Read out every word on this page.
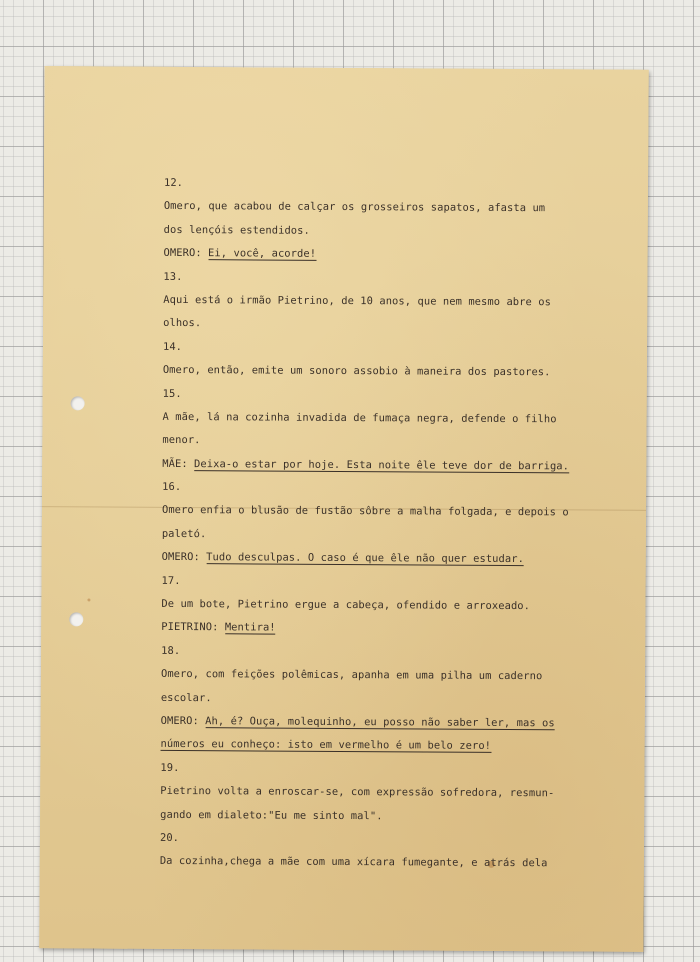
12.
Omero, que acabou de calçar os grosseiros sapatos, afasta um
dos lençóis estendidos.
OMERO: Ei, você, acorde!
13.
Aqui está o irmão Pietrino, de 10 anos, que nem mesmo abre os
olhos.
14.
Omero, então, emite um sonoro assobio à maneira dos pastores.
15.
A mãe, lá na cozinha invadida de fumaça negra, defende o filho
menor.
MÃE: Deixa-o estar por hoje. Esta noite êle teve dor de barriga.
16.
Omero enfia o blusão de fustão sôbre a malha folgada, e depois o
paletó.
OMERO: Tudo desculpas. O caso é que êle não quer estudar.
17.
De um bote, Pietrino ergue a cabeça, ofendido e arroxeado.
PIETRINO: Mentira!
18.
Omero, com feições polêmicas, apanha em uma pilha um caderno
escolar.
OMERO: Ah, é? Ouça, molequinho, eu posso não saber ler, mas os
números eu conheço: isto em vermelho é um belo zero!
19.
Pietrino volta a enroscar-se, com expressão sofredora, resmun-
gando em dialeto:"Eu me sinto mal".
20.
Da cozinha,chega a mãe com uma xícara fumegante, e atrás dela
